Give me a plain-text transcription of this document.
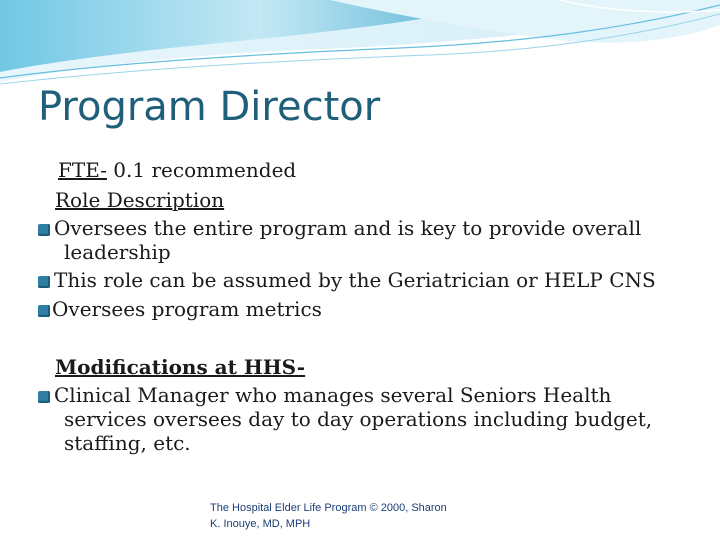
Program Director
FTE- 0.1 recommended
Role Description
Oversees the entire program and is key to provide overall
leadership
This role can be assumed by the Geriatrician or HELP CNS
Oversees program metrics
Modifications at HHS-
Clinical Manager who manages several Seniors Health
services oversees day to day operations including budget,
staffing, etc.
The Hospital Elder Life Program © 2000, Sharon
K. Inouye, MD, MPH
